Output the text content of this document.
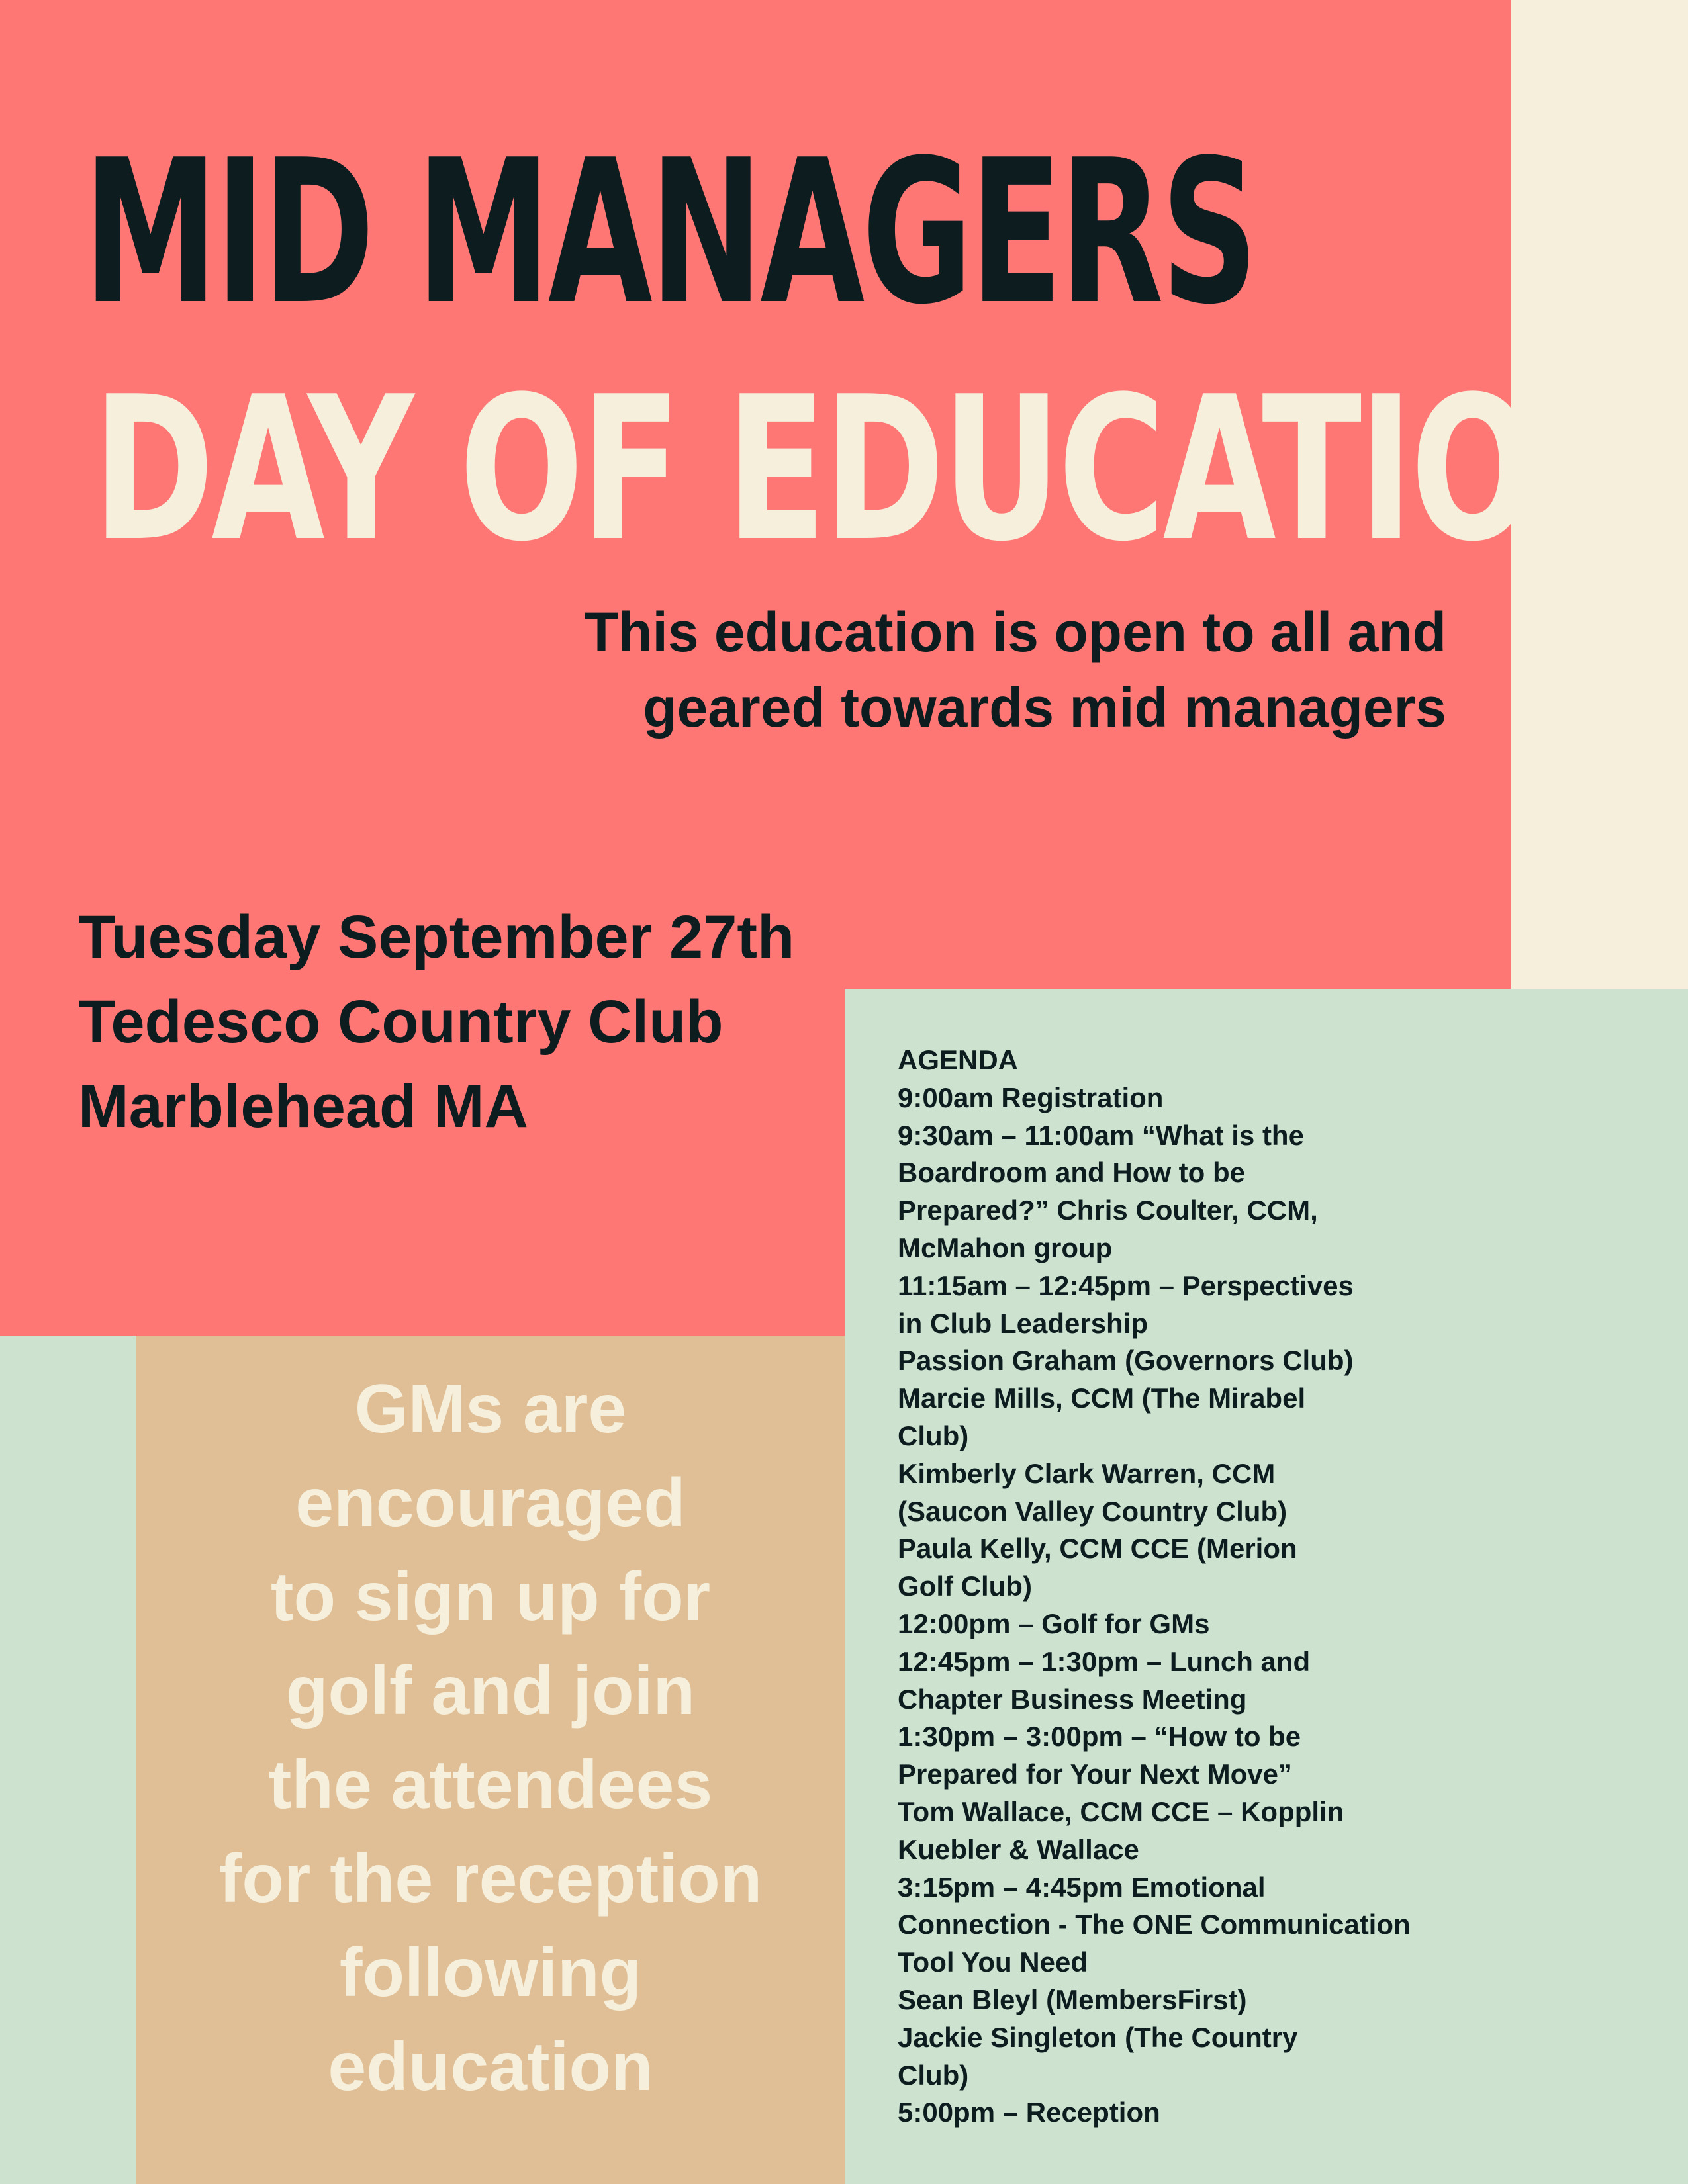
MID MANAGERS
DAY OF EDUCATION
This education is open to all and
geared towards mid managers
Tuesday September 27th
Tedesco Country Club
Marblehead MA
GMs are
encouraged
to sign up for
golf and join
the attendees
for the reception
following
education
AGENDA
9:00am Registration
9:30am – 11:00am “What is the
Boardroom and How to be
Prepared?” Chris Coulter, CCM,
McMahon group
11:15am – 12:45pm – Perspectives
in Club Leadership
Passion Graham (Governors Club)
Marcie Mills, CCM (The Mirabel
Club)
Kimberly Clark Warren, CCM
(Saucon Valley Country Club)
Paula Kelly, CCM CCE (Merion
Golf Club)
12:00pm – Golf for GMs
12:45pm – 1:30pm – Lunch and
Chapter Business Meeting
1:30pm – 3:00pm – “How to be
Prepared for Your Next Move”
Tom Wallace, CCM CCE – Kopplin
Kuebler & Wallace
3:15pm – 4:45pm Emotional
Connection - The ONE Communication
Tool You Need
Sean Bleyl (MembersFirst)
Jackie Singleton (The Country
Club)
5:00pm – Reception
